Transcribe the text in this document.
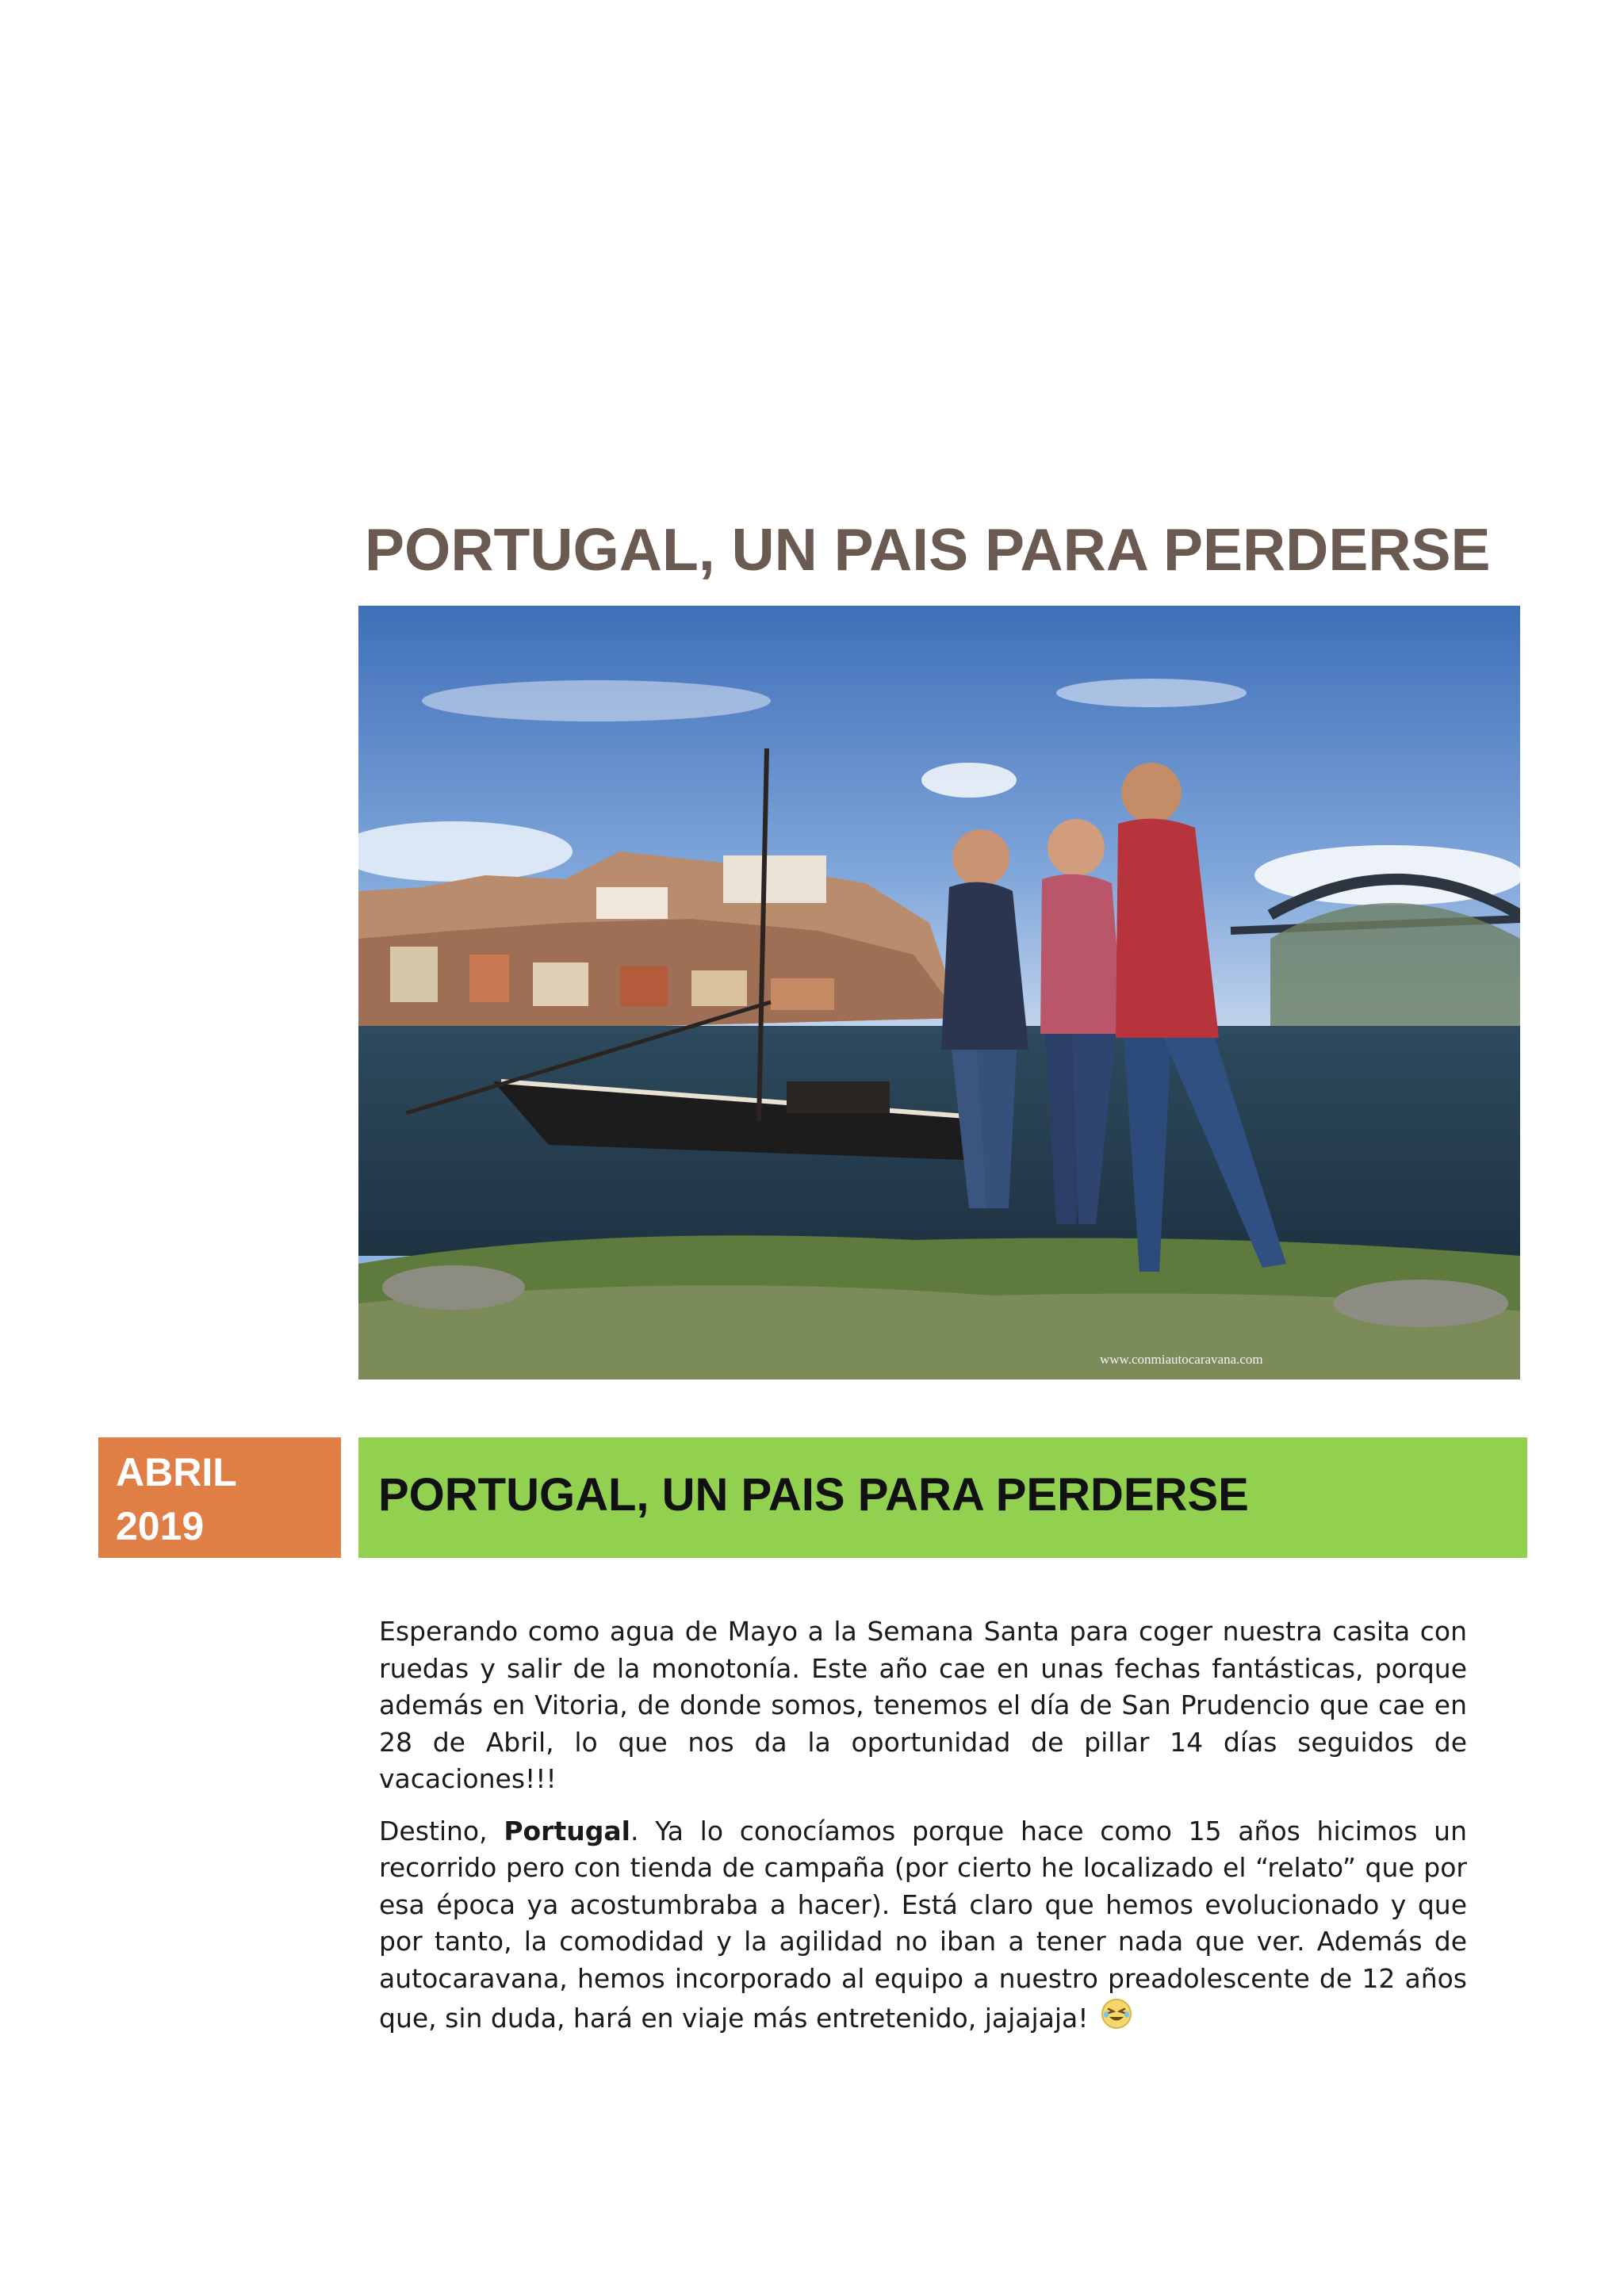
PORTUGAL, UN PAIS PARA PERDERSE
www.conmiautocaravana.com
ABRIL
2019
PORTUGAL, UN PAIS PARA PERDERSE

Esperando como agua de Mayo a la Semana Santa para coger nuestra casita con ruedas y salir de la monotonía. Este año cae en unas fechas fantásticas, porque además en Vitoria, de donde somos, tenemos el día de San Prudencio que cae en 28 de Abril, lo que nos da la oportunidad de pillar 14 días seguidos de vacaciones!!!

Destino, Portugal. Ya lo conocíamos porque hace como 15 años hicimos un recorrido pero con tienda de campaña (por cierto he localizado el “relato” que por esa época ya acostumbraba a hacer). Está claro que hemos evolucionado y que por tanto, la comodidad y la agilidad no iban a tener nada que ver. Además de autocaravana, hemos incorporado al equipo a nuestro preadolescente de 12 años que, sin duda, hará en viaje más entretenido, jajajaja!
